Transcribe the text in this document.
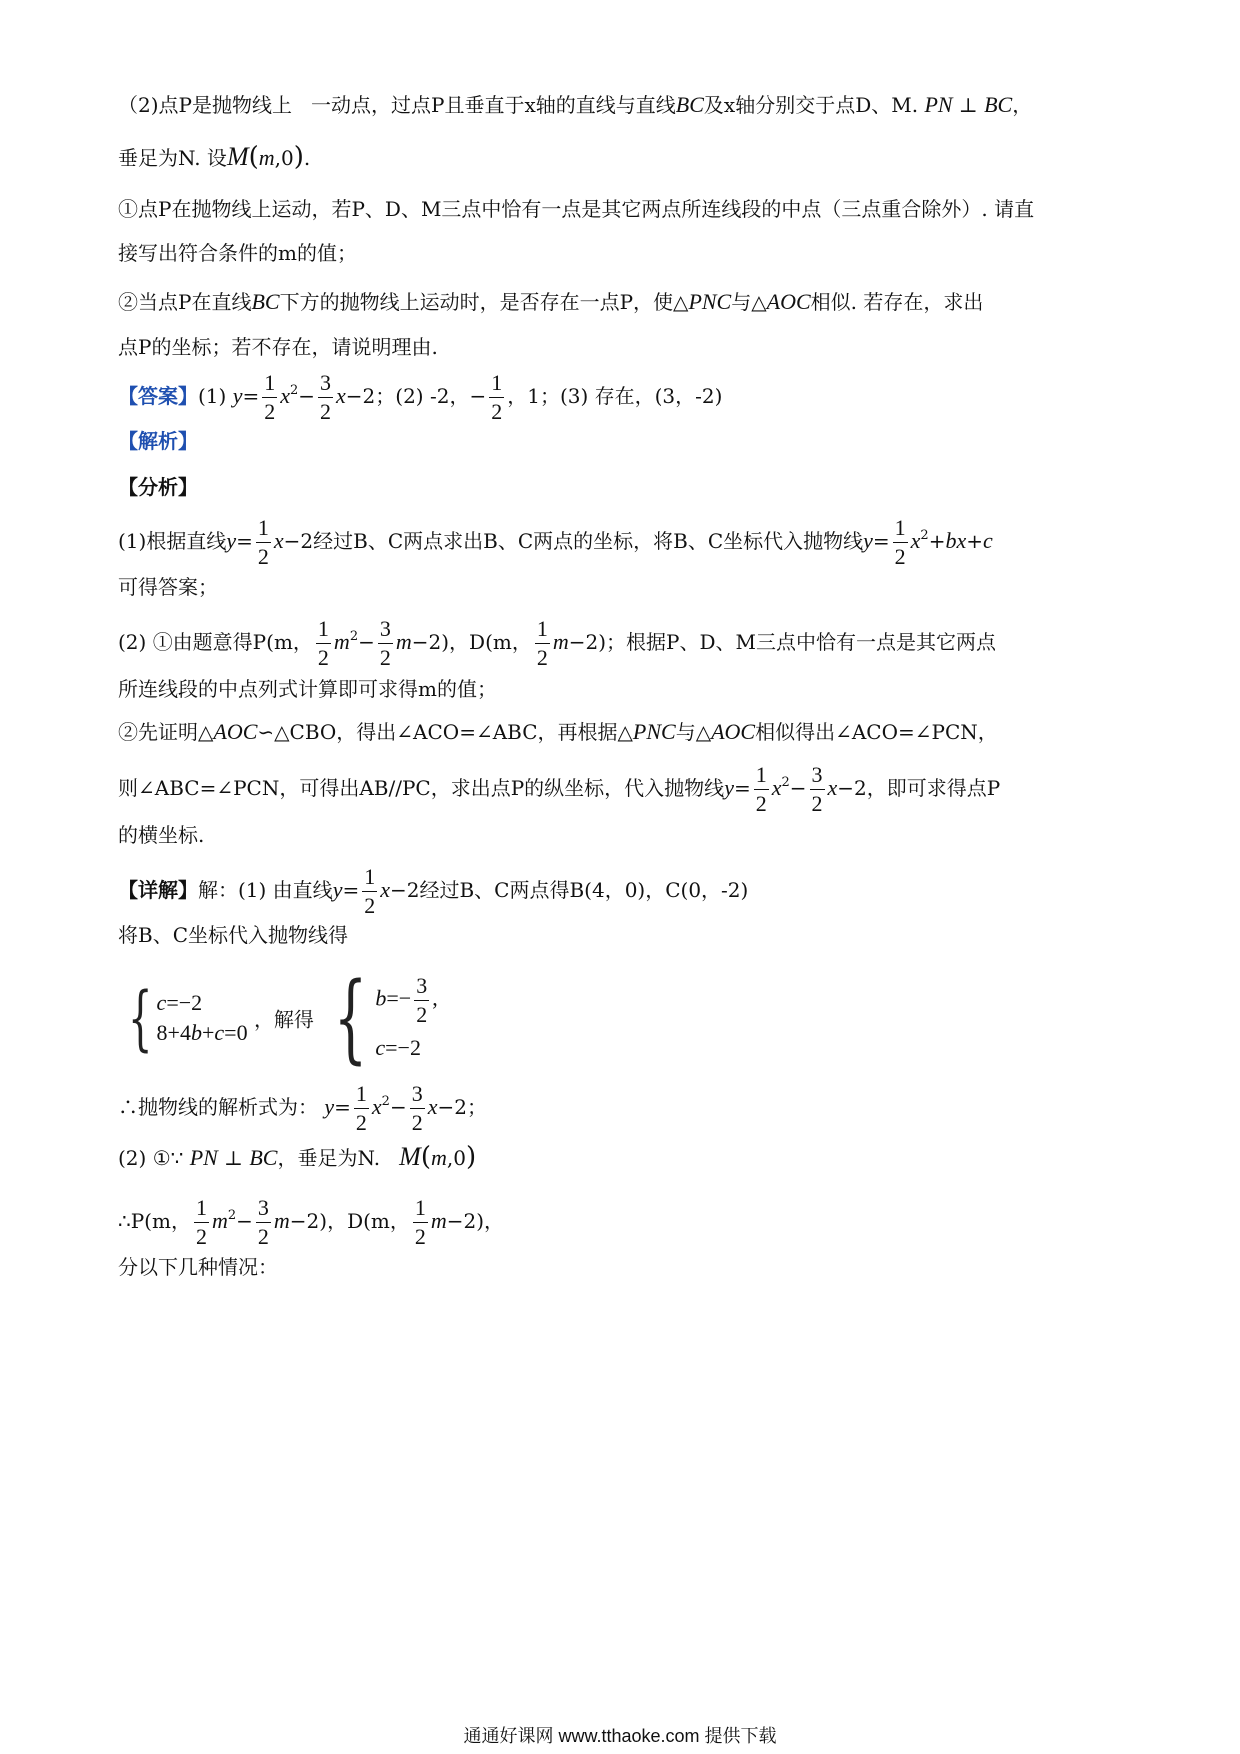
（2)点P是抛物线上   一动点，过点P且垂直于x轴的直线与直线BC及x轴分别交于点D、M. PN ⊥ BC，
垂足为N. 设M(m,0).
①点P在抛物线上运动，若P、D、M三点中恰有一点是其它两点所连线段的中点（三点重合除外）. 请直
接写出符合条件的m的值；
②当点P在直线BC下方的抛物线上运动时，是否存在一点P，使△PNC与△AOC相似. 若存在，求出
点P的坐标；若不存在，请说明理由.
【答案】(1) $y= \frac{1}{2} x^2- \frac{3}{2} x-2$；(2) -2，− $\frac{1}{2}$ ，1；(3) 存在，(3，-2)
【解析】
【分析】
(1)根据直线$y= \frac{1}{2} x-2$经过B、C两点求出B、C两点的坐标，将B、C坐标代入抛物线$y= \frac{1}{2} x^2+bx+c$
可得答案；
(2) ①由题意得P(m， $\frac{1}{2} m^2- \frac{3}{2} m-2$)，D(m， $\frac{1}{2} m-2$)；根据P、D、M三点中恰有一点是其它两点
所连线段的中点列式计算即可求得m的值；
②先证明△AOC∽△CBO，得出∠ACO=∠ABC，再根据△PNC与△AOC相似得出∠ACO=∠PCN，
则∠ABC=∠PCN，可得出AB//PC，求出点P的纵坐标，代入抛物线$y= \frac{1}{2} x^2- \frac{3}{2} x-2$，即可求得点P
的横坐标.
【详解】解：(1) 由直线$y= \frac{1}{2} x-2$经过B、C两点得B(4，0)，C(0，-2)
将B、C坐标代入抛物线得
{ c=−2
8+4b+c=0
，解得 { $b=- \frac{3}{2}$ ,
c=−2
∴抛物线的解析式为： $y= \frac{1}{2} x^2- \frac{3}{2} x-2$；
(2) ①∵ PN ⊥ BC，垂足为N.   M(m,0)
∴P(m， $\frac{1}{2} m^2- \frac{3}{2} m-2$)，D(m， $\frac{1}{2} m-2$)，
分以下几种情况：
通通好课网 www.tthaoke.com 提供下载
